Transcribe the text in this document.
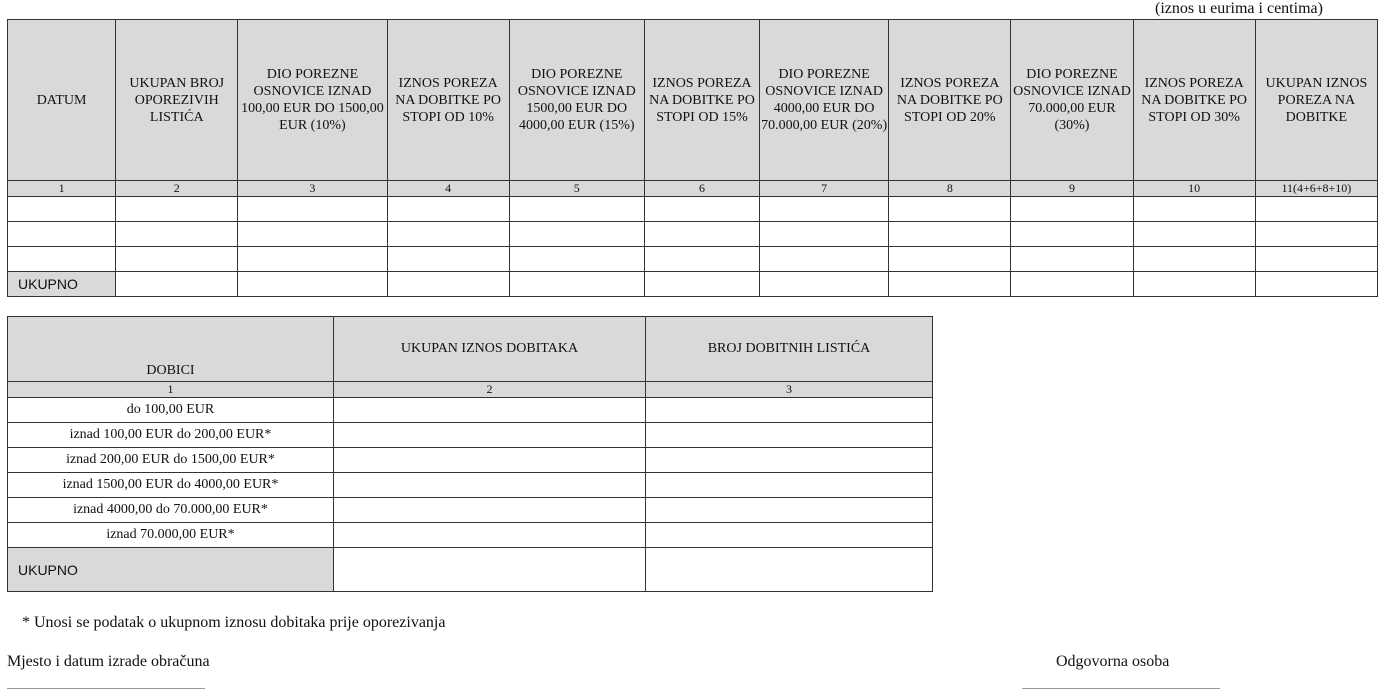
(iznos u eurima i centima)
DATUM	UKUPAN BROJ OPOREZIVIH LISTIĆA	DIO POREZNE OSNOVICE IZNAD 100,00 EUR DO 1500,00 EUR (10%)	IZNOS POREZA NA DOBITKE PO STOPI OD 10%	DIO POREZNE OSNOVICE IZNAD 1500,00 EUR DO 4000,00 EUR (15%)	IZNOS POREZA NA DOBITKE PO STOPI OD 15%	DIO POREZNE OSNOVICE IZNAD 4000,00 EUR DO 70.000,00 EUR (20%)	IZNOS POREZA NA DOBITKE PO STOPI OD 20%	DIO POREZNE OSNOVICE IZNAD 70.000,00 EUR (30%)	IZNOS POREZA NA DOBITKE PO STOPI OD 30%	UKUPAN IZNOS POREZA NA DOBITKE
1	2	3	4	5	6	7	8	9	10	11(4+6+8+10)

UKUPNO										
DOBICI	UKUPAN IZNOS DOBITAKA	BROJ DOBITNIH LISTIĆA
1	2	3
do 100,00 EUR		
iznad 100,00 EUR do 200,00 EUR*		
iznad 200,00 EUR do 1500,00 EUR*		
iznad 1500,00 EUR do 4000,00 EUR*		
iznad 4000,00 do 70.000,00 EUR*		
iznad 70.000,00 EUR*		
UKUPNO		
* Unosi se podatak o ukupnom iznosu dobitaka prije oporezivanja
Mjesto i datum izrade obračuna	Odgovorna osoba
